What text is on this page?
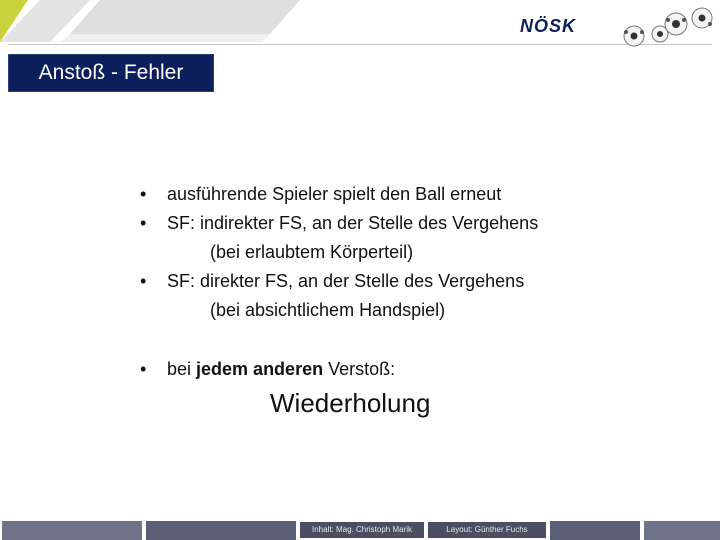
NÖSK
Anstoß - Fehler
• ausführende Spieler spielt den Ball erneut
• SF: indirekter FS, an der Stelle des Vergehens
(bei erlaubtem Körperteil)
• SF: direkter FS, an der Stelle des Vergehens
(bei absichtlichem Handspiel)
• bei jedem anderen Verstoß:
Wiederholung
Inhalt: Mag. Christoph Marik	Layout: Günther Fuchs
